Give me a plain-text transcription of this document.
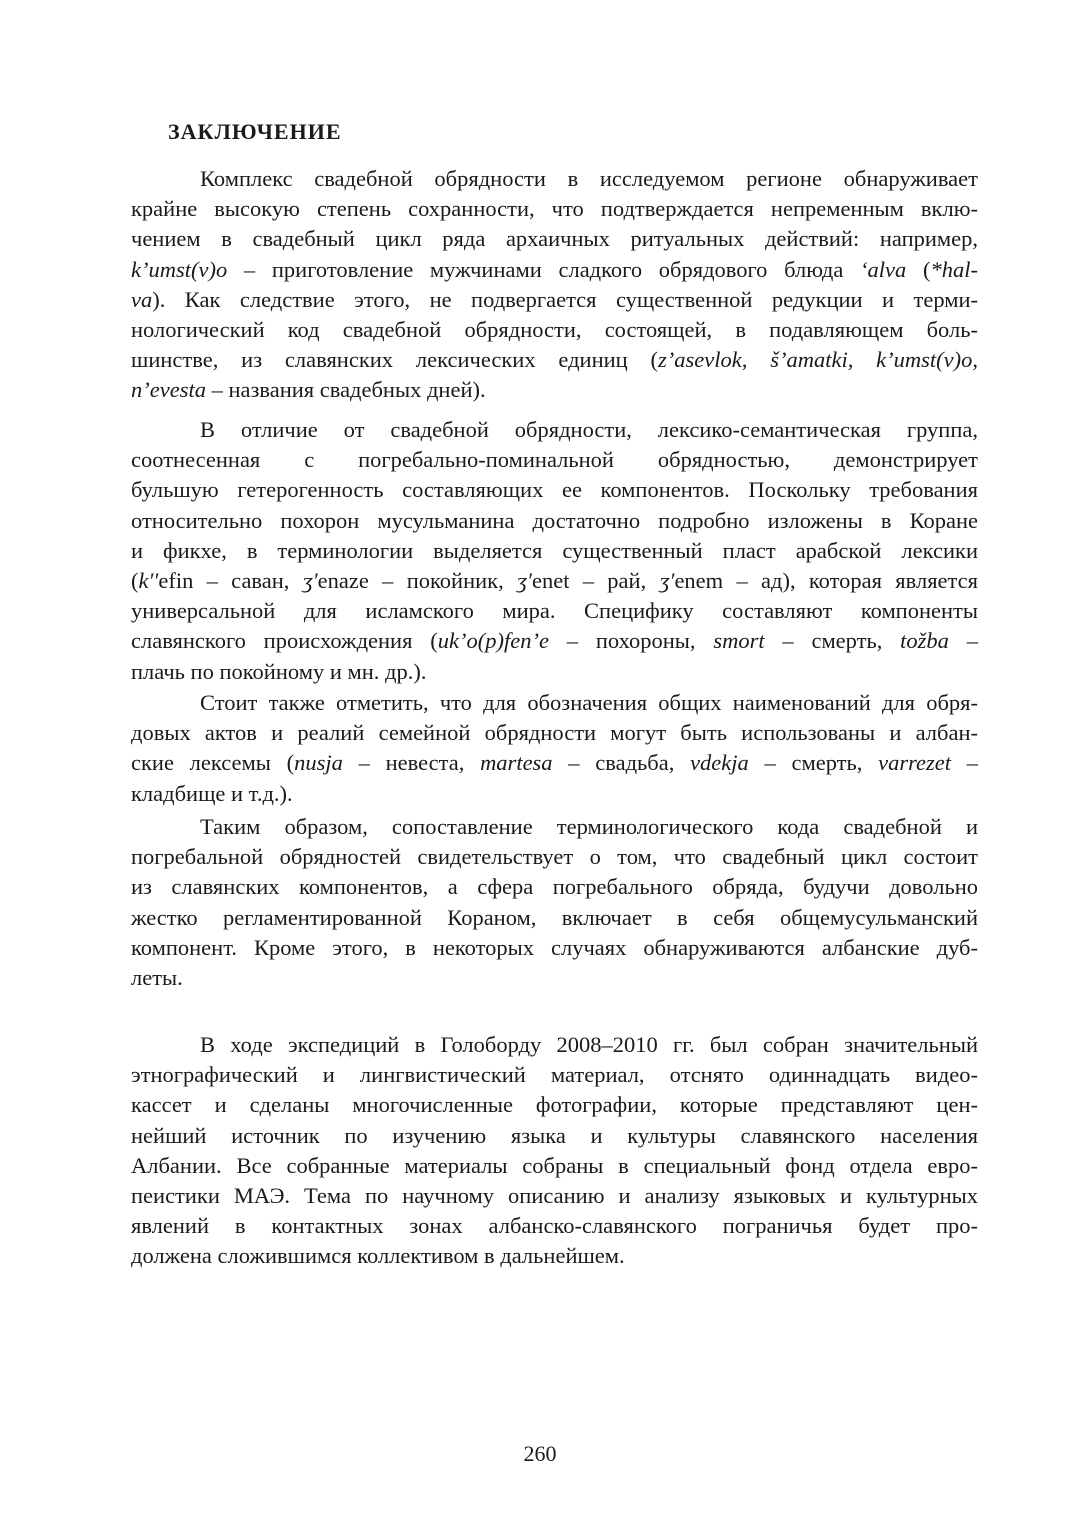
ЗАКЛЮЧЕНИЕ
Комплекс свадебной обрядности в исследуемом регионе обнаруживает
крайне высокую степень сохранности, что подтверждается непременным вклю-
чением в свадебный цикл ряда архаичных ритуальных действий: например,
k’umst(v)o – приготовление мужчинами сладкого обрядового блюда ‘alva (*hal-
va). Как следствие этого, не подвергается существенной редукции и терми-
нологический код свадебной обрядности, состоящей, в подавляющем боль-
шинстве, из славянских лексических единиц (z’asevlok, š’amatki, k’umst(v)o,
n’evesta – названия свадебных дней).
В отличие от свадебной обрядности, лексико-семантическая группа,
соотнесенная с погребально-поминальной обрядностью, демонстрирует
бульшую гетерогенность составляющих ее компонентов. Поскольку требования
относительно похорон мусульманина достаточно подробно изложены в Коране
и фикхе, в терминологии выделяется существенный пласт арабской лексики
(k′′efin – саван, ʒ′enaze – покойник, ʒ′enet – рай, ʒ′enem – ад), которая является
универсальной для исламского мира. Специфику составляют компоненты
славянского происхождения (uk’o(p)fen’e – похороны, smort – смерть, tožba –
плачь по покойному и мн. др.).
Стоит также отметить, что для обозначения общих наименований для обря-
довых актов и реалий семейной обрядности могут быть использованы и албан-
ские лексемы (nusja – невеста, martesa – свадьба, vdekja – смерть, varrezet –
кладбище и т.д.).
Таким образом, сопоставление терминологического кода свадебной и
погребальной обрядностей свидетельствует о том, что свадебный цикл состоит
из славянских компонентов, а сфера погребального обряда, будучи довольно
жестко регламентированной Кораном, включает в себя общемусульманский
компонент. Кроме этого, в некоторых случаях обнаруживаются албанские дуб-
леты.
В ходе экспедиций в Голоборду 2008–2010 гг. был собран значительный
этнографический и лингвистический материал, отснято одиннадцать видео-
кассет и сделаны многочисленные фотографии, которые представляют цен-
нейший источник по изучению языка и культуры славянского населения
Албании. Все собранные материалы собраны в специальный фонд отдела евро-
пеистики МАЭ. Тема по научному описанию и анализу языковых и культурных
явлений в контактных зонах албанско-славянского пограничья будет про-
должена сложившимся коллективом в дальнейшем.
260
